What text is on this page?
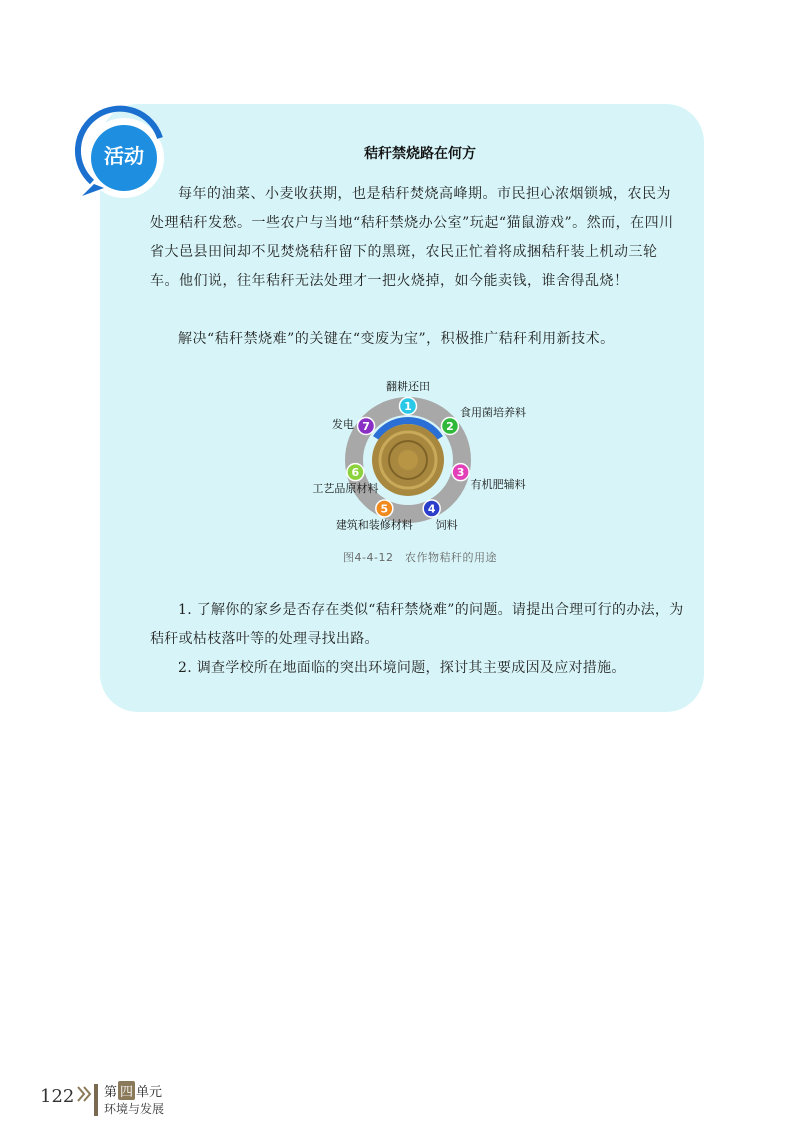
活动	秸秆禁烧路在何方

每年的油菜、小麦收获期，也是秸秆焚烧高峰期。市民担心浓烟锁城，农民为处理秸秆发愁。一些农户与当地“秸秆禁烧办公室”玩起“猫鼠游戏”。然而，在四川省大邑县田间却不见焚烧秸秆留下的黑斑，农民正忙着将成捆秸秆装上机动三轮车。他们说，往年秸秆无法处理才一把火烧掉，如今能卖钱，谁舍得乱烧！

解决“秸秆禁烧难”的关键在“变废为宝”，积极推广秸秆利用新技术。

1
翻耕还田
2
食用菌培养料
3
有机肥辅料
4
饲料
5
建筑和装修材料
6
工艺品原材料
7
发电
图4-4-12　农作物秸秆的用途

1. 了解你的家乡是否存在类似“秸秆禁烧难”的问题。请提出合理可行的办法，为秸秆或枯枝落叶等的处理寻找出路。

2. 调查学校所在地面临的突出环境问题，探讨其主要成因及应对措施。

122 第 四 单元
环境与发展
